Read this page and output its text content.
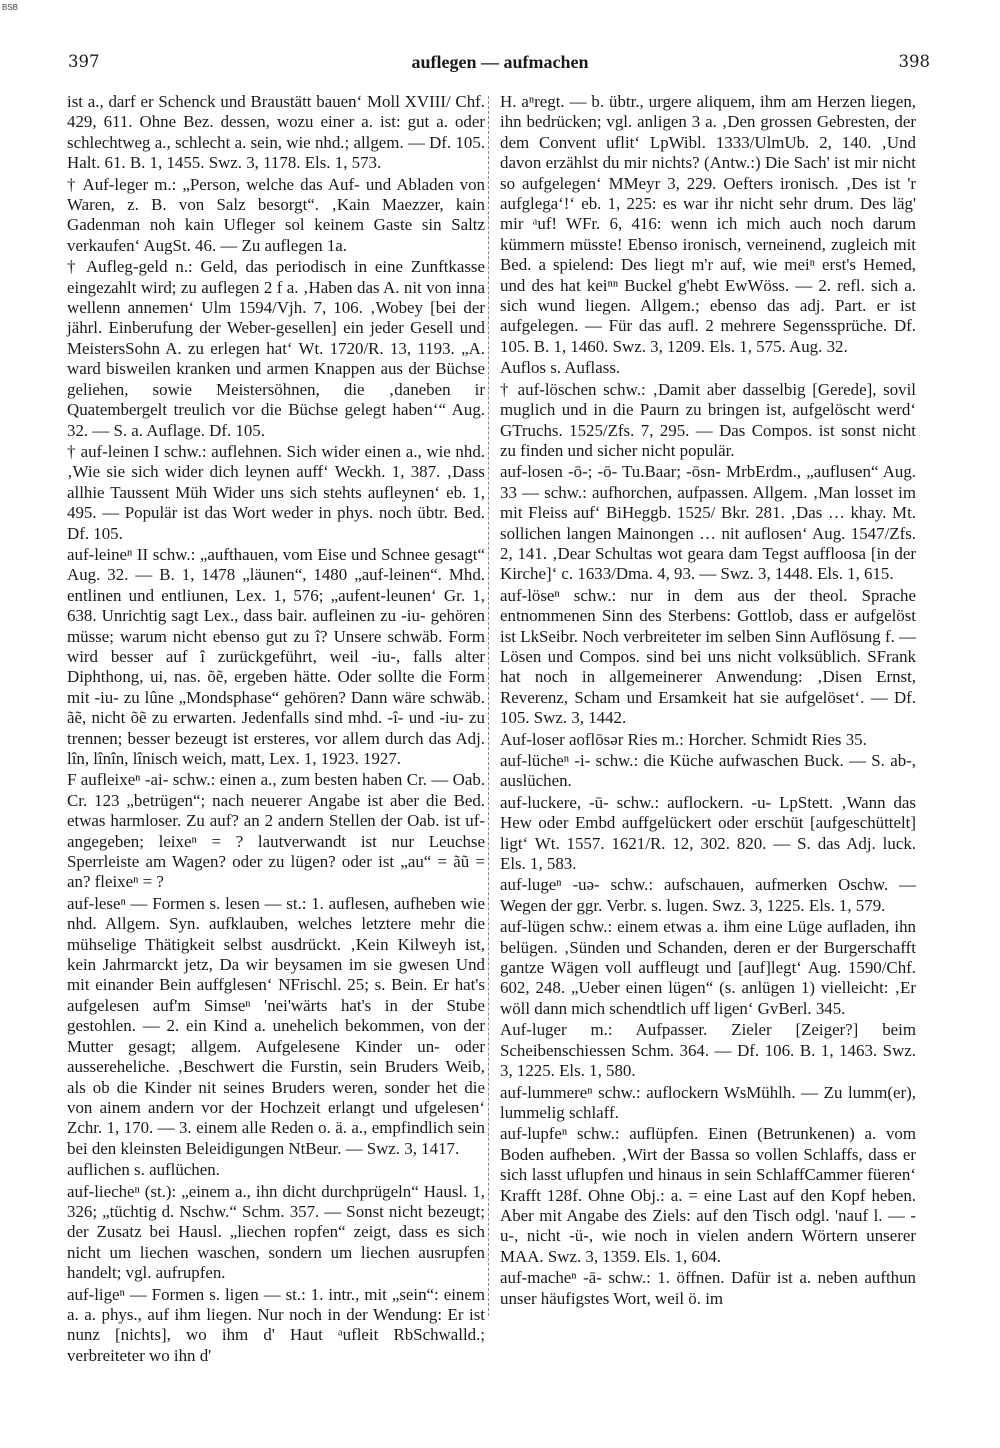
BSB
397	auflegen — aufmachen	398

ist a., darf er Schenck und Braustätt bauen‘ Moll XVIII/ Chf. 429, 611. Ohne Bez. dessen, wozu einer a. ist: gut a. oder schlechtweg a., schlecht a. sein, wie nhd.; allgem. — Df. 105. Halt. 61. B. 1, 1455. Swz. 3, 1178. Els. 1, 573.

† Auf-leger m.: „Person, welche das Auf- und Abladen von Waren, z. B. von Salz besorgt“. ‚Kain Maezzer, kain Gadenman noh kain Ufleger sol keinem Gaste sin Saltz verkaufen‘ AugSt. 46. — Zu auflegen 1a.

† Aufleg-geld n.: Geld, das periodisch in eine Zunftkasse eingezahlt wird; zu auflegen 2 f a. ‚Haben das A. nit von inna wellenn annemen‘ Ulm 1594/Vjh. 7, 106. ‚Wobey [bei der jährl. Einberufung der Weber-gesellen] ein jeder Gesell und MeistersSohn A. zu erlegen hat‘ Wt. 1720/R. 13, 1193. „A. ward bisweilen kranken und armen Knappen aus der Büchse geliehen, sowie Meistersöhnen, die ‚daneben ir Quatembergelt treulich vor die Büchse gelegt haben‘“ Aug. 32. — S. a. Auflage. Df. 105.

† auf-leinen I schw.: auflehnen. Sich wider einen a., wie nhd. ‚Wie sie sich wider dich leynen auff‘ Weckh. 1, 387. ‚Dass allhie Taussent Müh Wider uns sich stehts aufleynen‘ eb. 1, 495. — Populär ist das Wort weder in phys. noch übtr. Bed. Df. 105.

auf-leineⁿ II schw.: „aufthauen, vom Eise und Schnee gesagt“ Aug. 32. — B. 1, 1478 „läunen“, 1480 „auf-leinen“. Mhd. entlinen und entliunen, Lex. 1, 576; „aufent-leunen‘ Gr. 1, 638. Unrichtig sagt Lex., dass bair. aufleinen zu -iu- gehören müsse; warum nicht ebenso gut zu î? Unsere schwäb. Form wird besser auf î zurückgeführt, weil -iu-, falls alter Diphthong, ui, nas. õẽ, ergeben hätte. Oder sollte die Form mit -iu- zu lûne „Mondsphase“ gehören? Dann wäre schwäb. ãẽ, nicht õẽ zu erwarten. Jedenfalls sind mhd. -î- und -iu- zu trennen; besser bezeugt ist ersteres, vor allem durch das Adj. lîn, lînîn, lînisch weich, matt, Lex. 1, 1923. 1927.

F aufleixeⁿ -ai- schw.: einen a., zum besten haben Cr. — Oab. Cr. 123 „betrügen“; nach neuerer Angabe ist aber die Bed. etwas harmloser. Zu auf? an 2 andern Stellen der Oab. ist uf- angegeben; leixeⁿ = ? lautverwandt ist nur Leuchse Sperrleiste am Wagen? oder zu lügen? oder ist „au“ = ãũ = an? fleixeⁿ = ?

auf-leseⁿ — Formen s. lesen — st.: 1. auflesen, aufheben wie nhd. Allgem. Syn. aufklauben, welches letztere mehr die mühselige Thätigkeit selbst ausdrückt. ‚Kein Kilweyh ist, kein Jahrmarckt jetz, Da wir beysamen im sie gwesen Und mit einander Bein auffglesen‘ NFrischl. 25; s. Bein. Er hat's aufgelesen auf'm Simseⁿ 'nei'wärts hat's in der Stube gestohlen. — 2. ein Kind a. unehelich bekommen, von der Mutter gesagt; allgem. Aufgelesene Kinder un- oder aussereheliche. ‚Beschwert die Furstin, sein Bruders Weib, als ob die Kinder nit seines Bruders weren, sonder het die von ainem andern vor der Hochzeit erlangt und ufgelesen‘ Zchr. 1, 170. — 3. einem alle Reden o. ä. a., empfindlich sein bei den kleinsten Beleidigungen NtBeur. — Swz. 3, 1417.

auflichen s. auflüchen.

auf-liecheⁿ (st.): „einem a., ihn dicht durchprügeln“ Hausl. 1, 326; „tüchtig d. Nschw.“ Schm. 357. — Sonst nicht bezeugt; der Zusatz bei Hausl. „liechen ropfen“ zeigt, dass es sich nicht um liechen waschen, sondern um liechen ausrupfen handelt; vgl. aufrupfen.

auf-ligeⁿ — Formen s. ligen — st.: 1. intr., mit „sein“: einem a. a. phys., auf ihm liegen. Nur noch in der Wendung: Er ist nunz [nichts], wo ihm d' Haut ᵃufleit RbSchwalld.; verbreiteter wo ihn d'

H. aⁿregt. — b. übtr., urgere aliquem, ihm am Herzen liegen, ihn bedrücken; vgl. anligen 3 a. ‚Den grossen Gebresten, der dem Convent uflit‘ LpWibl. 1333/UlmUb. 2, 140. ‚Und davon erzählst du mir nichts? (Antw.:) Die Sach' ist mir nicht so aufgelegen‘ MMeyr 3, 229. Oefters ironisch. ‚Des ist 'r aufglega‘!‘ eb. 1, 225: es war ihr nicht sehr drum. Des läg' mir ᵃuf! WFr. 6, 416: wenn ich mich auch noch darum kümmern müsste! Ebenso ironisch, verneinend, zugleich mit Bed. a spielend: Des liegt m'r auf, wie meiⁿ erst's Hemed, und des hat keiⁿⁿ Buckel g'hebt EwWöss. — 2. refl. sich a. sich wund liegen. Allgem.; ebenso das adj. Part. er ist aufgelegen. — Für das aufl. 2 mehrere Segenssprüche. Df. 105. B. 1, 1460. Swz. 3, 1209. Els. 1, 575. Aug. 32.

Auflos s. Auflass.

† auf-löschen schw.: ‚Damit aber dasselbig [Gerede], sovil muglich und in die Paurn zu bringen ist, aufgelöscht werd‘ GTruchs. 1525/Zfs. 7, 295. — Das Compos. ist sonst nicht zu finden und sicher nicht populär.

auf-losen -ō-; -ō- Tu.Baar; -ōsn- MrbErdm., „auflusen“ Aug. 33 — schw.: aufhorchen, aufpassen. Allgem. ‚Man losset im mit Fleiss auf‘ BiHeggb. 1525/ Bkr. 281. ‚Das … khay. Mt. sollichen langen Mainongen … nit auflosen‘ Aug. 1547/Zfs. 2, 141. ‚Dear Schultas wot geara dam Tegst auffloosa [in der Kirche]‘ c. 1633/Dma. 4, 93. — Swz. 3, 1448. Els. 1, 615.

auf-löseⁿ schw.: nur in dem aus der theol. Sprache entnommenen Sinn des Sterbens: Gottlob, dass er aufgelöst ist LkSeibr. Noch verbreiteter im selben Sinn Auflösung f. — Lösen und Compos. sind bei uns nicht volksüblich. SFrank hat noch in allgemeinerer Anwendung: ‚Disen Ernst, Reverenz, Scham und Ersamkeit hat sie aufgelöset‘. — Df. 105. Swz. 3, 1442.

Auf-loser aoflōsər Ries m.: Horcher. Schmidt Ries 35.

auf-lücheⁿ -i- schw.: die Küche aufwaschen Buck. — S. ab-, auslüchen.

auf-luckere, -ū- schw.: auflockern. -u- LpStett. ‚Wann das Hew oder Embd auffgelückert oder erschüt [aufgeschüttelt] ligt‘ Wt. 1557. 1621/R. 12, 302. 820. — S. das Adj. luck. Els. 1, 583.

auf-lugeⁿ -uə- schw.: aufschauen, aufmerken Oschw. — Wegen der ggr. Verbr. s. lugen. Swz. 3, 1225. Els. 1, 579.

auf-lügen schw.: einem etwas a. ihm eine Lüge aufladen, ihn belügen. ‚Sünden und Schanden, deren er der Burgerschafft gantze Wägen voll auffleugt und [auf]legt‘ Aug. 1590/Chf. 602, 248. „Ueber einen lügen“ (s. anlügen 1) vielleicht: ‚Er wöll dann mich schendtlich uff ligen‘ GvBerl. 345.

Auf-luger m.: Aufpasser. Zieler [Zeiger?] beim Scheibenschiessen Schm. 364. — Df. 106. B. 1, 1463. Swz. 3, 1225. Els. 1, 580.

auf-lummereⁿ schw.: auflockern WsMühlh. — Zu lumm(er), lummelig schlaff.

auf-lupfeⁿ schw.: auflüpfen. Einen (Betrunkenen) a. vom Boden aufheben. ‚Wirt der Bassa so vollen Schlaffs, dass er sich lasst uflupfen und hinaus in sein SchlaffCammer füeren‘ Krafft 128f. Ohne Obj.: a. = eine Last auf den Kopf heben. Aber mit Angabe des Ziels: auf den Tisch odgl. 'nauf l. — -u-, nicht -ü-, wie noch in vielen andern Wörtern unserer MAA. Swz. 3, 1359. Els. 1, 604.

auf-macheⁿ -ā- schw.: 1. öffnen. Dafür ist a. neben aufthun unser häufigstes Wort, weil ö. im
